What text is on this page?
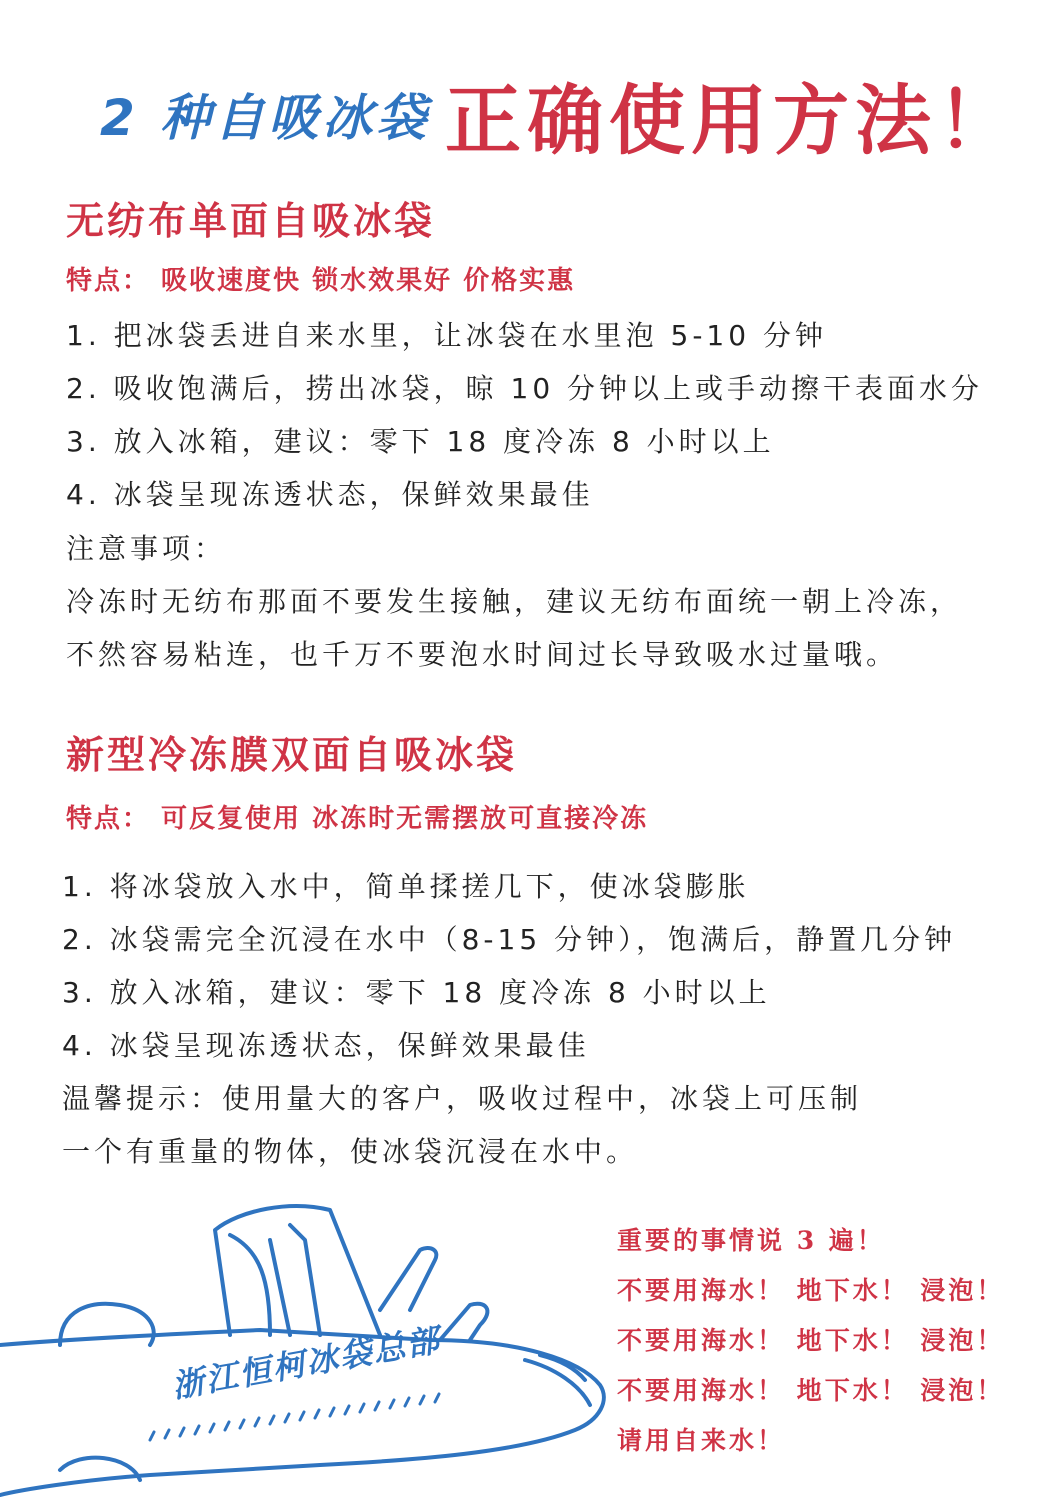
2 种自吸冰袋 正确使用方法！
无纺布单面自吸冰袋
特点： 吸收速度快 锁水效果好 价格实惠
1. 把冰袋丢进自来水里，让冰袋在水里泡 5-10 分钟
2. 吸收饱满后，捞出冰袋，晾 10 分钟以上或手动擦干表面水分
3. 放入冰箱，建议：零下 18 度冷冻 8 小时以上
4. 冰袋呈现冻透状态，保鲜效果最佳
注意事项：
冷冻时无纺布那面不要发生接触，建议无纺布面统一朝上冷冻，
不然容易粘连，也千万不要泡水时间过长导致吸水过量哦。
新型冷冻膜双面自吸冰袋
特点： 可反复使用 冰冻时无需摆放可直接冷冻
1. 将冰袋放入水中，简单揉搓几下，使冰袋膨胀
2. 冰袋需完全沉浸在水中（8-15 分钟），饱满后，静置几分钟
3. 放入冰箱，建议：零下 18 度冷冻 8 小时以上
4. 冰袋呈现冻透状态，保鲜效果最佳
温馨提示：使用量大的客户，吸收过程中，冰袋上可压制
一个有重量的物体，使冰袋沉浸在水中。
浙江恒柯冰袋总部
重要的事情说 3 遍！
不要用海水！ 地下水！ 浸泡！
不要用海水！ 地下水！ 浸泡！
不要用海水！ 地下水！ 浸泡！
请用自来水！
